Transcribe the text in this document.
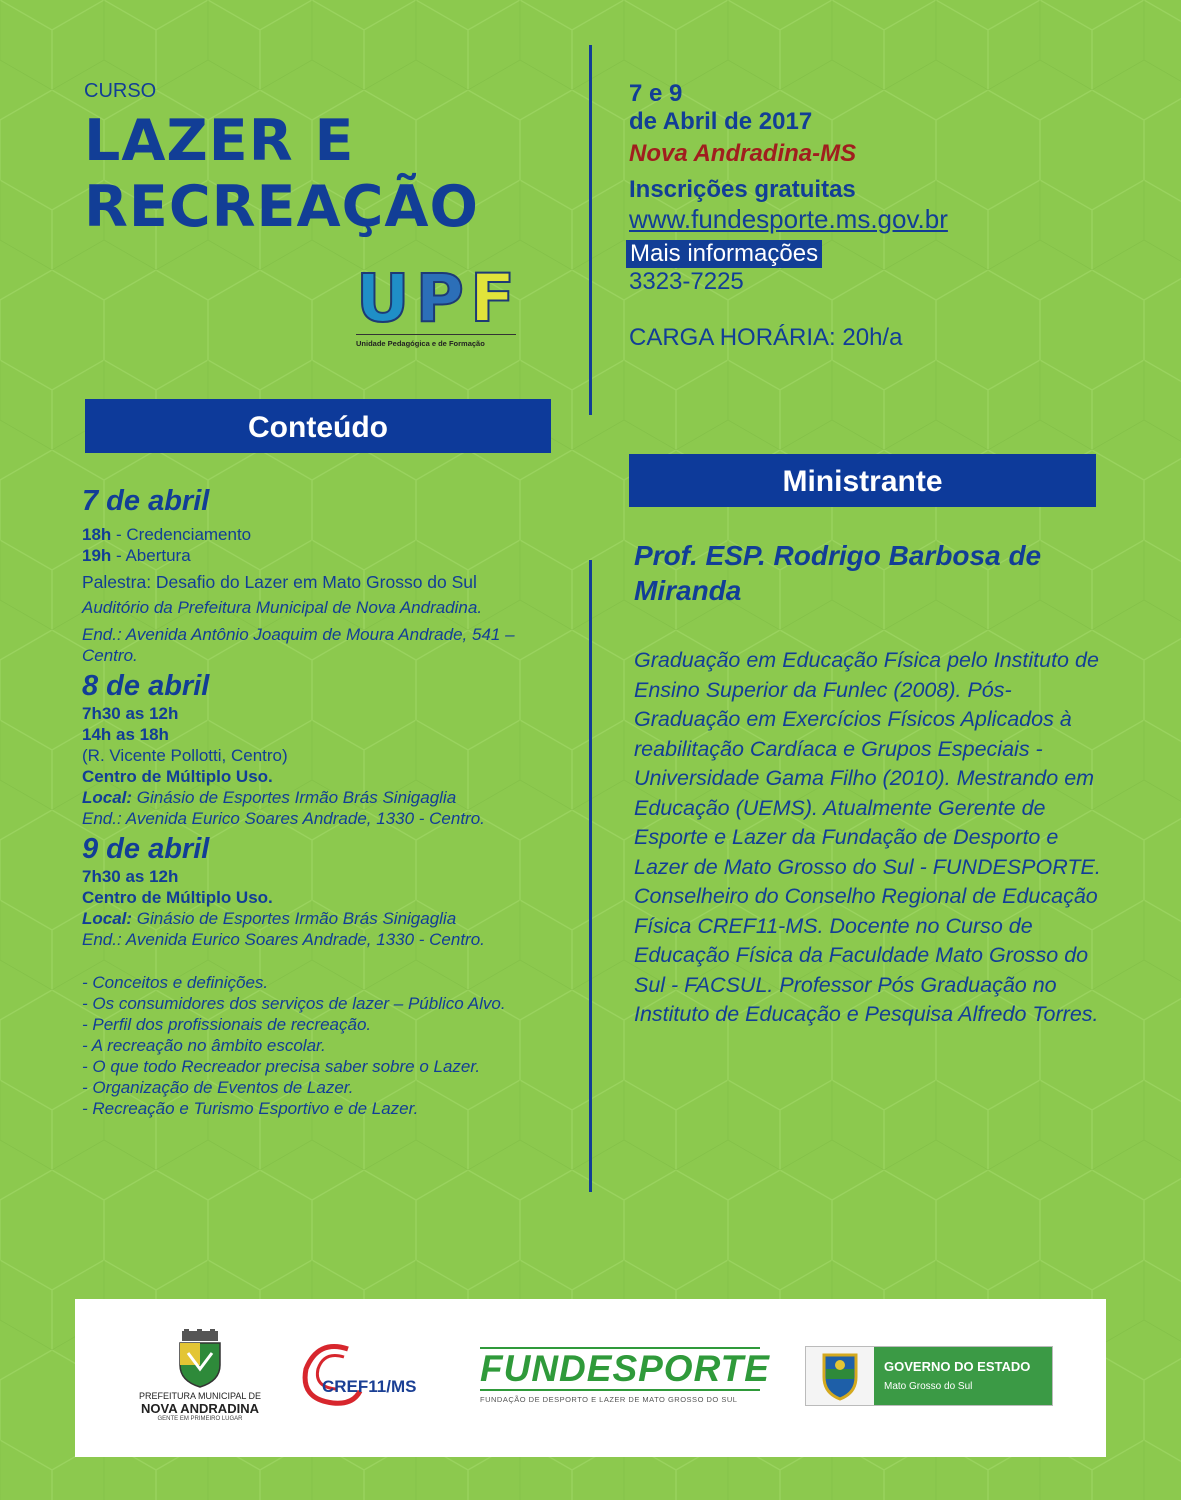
CURSO
LAZER E
RECREAÇÃO
UPF
Unidade Pedagógica e de Formação
7 e 9
de Abril de 2017
Nova Andradina-MS
Inscrições gratuitas
www.fundesporte.ms.gov.br
Mais informações
3323-7225
CARGA HORÁRIA: 20h/a
Conteúdo
Ministrante
7 de abril

18h - Credenciamento

19h - Abertura

Palestra: Desafio do Lazer em Mato Grosso do Sul

Auditório da Prefeitura Municipal de Nova Andradina.

End.: Avenida Antônio Joaquim de Moura Andrade, 541 – Centro.

8 de abril

7h30 as 12h

14h as 18h

(R. Vicente Pollotti, Centro)

Centro de Múltiplo Uso.

Local: Ginásio de Esportes Irmão Brás Sinigaglia

End.: Avenida Eurico Soares Andrade, 1330 - Centro.

9 de abril

7h30 as 12h

Centro de Múltiplo Uso.

Local: Ginásio de Esportes Irmão Brás Sinigaglia

End.: Avenida Eurico Soares Andrade, 1330 - Centro.

- Conceitos e definições.

- Os consumidores dos serviços de lazer – Público Alvo.

- Perfil dos profissionais de recreação.

- A recreação no âmbito escolar.

- O que todo Recreador precisa saber sobre o Lazer.

- Organização de Eventos de Lazer.

- Recreação e Turismo Esportivo e de Lazer.

Prof. ESP. Rodrigo Barbosa de Miranda
Graduação em Educação Física pelo Instituto de Ensino Superior da Funlec (2008). Pós-Graduação em Exercícios Físicos Aplicados à reabilitação Cardíaca e Grupos Especiais - Universidade Gama Filho (2010). Mestrando em Educação (UEMS). Atualmente Gerente de Esporte e Lazer da Fundação de Desporto e Lazer de Mato Grosso do Sul - FUNDESPORTE. Conselheiro do Conselho Regional de Educação Física CREF11-MS. Docente no Curso de Educação Física da Faculdade Mato Grosso do Sul - FACSUL. Professor Pós Graduação no Instituto de Educação e Pesquisa Alfredo Torres.
PREFEITURA MUNICIPAL DE
NOVA ANDRADINA
GENTE EM PRIMEIRO LUGAR
CREF11/MS FUNDESPORTE
FUNDAÇÃO DE DESPORTO E LAZER DE MATO GROSSO DO SUL
GOVERNO DO ESTADO
Mato Grosso do Sul
